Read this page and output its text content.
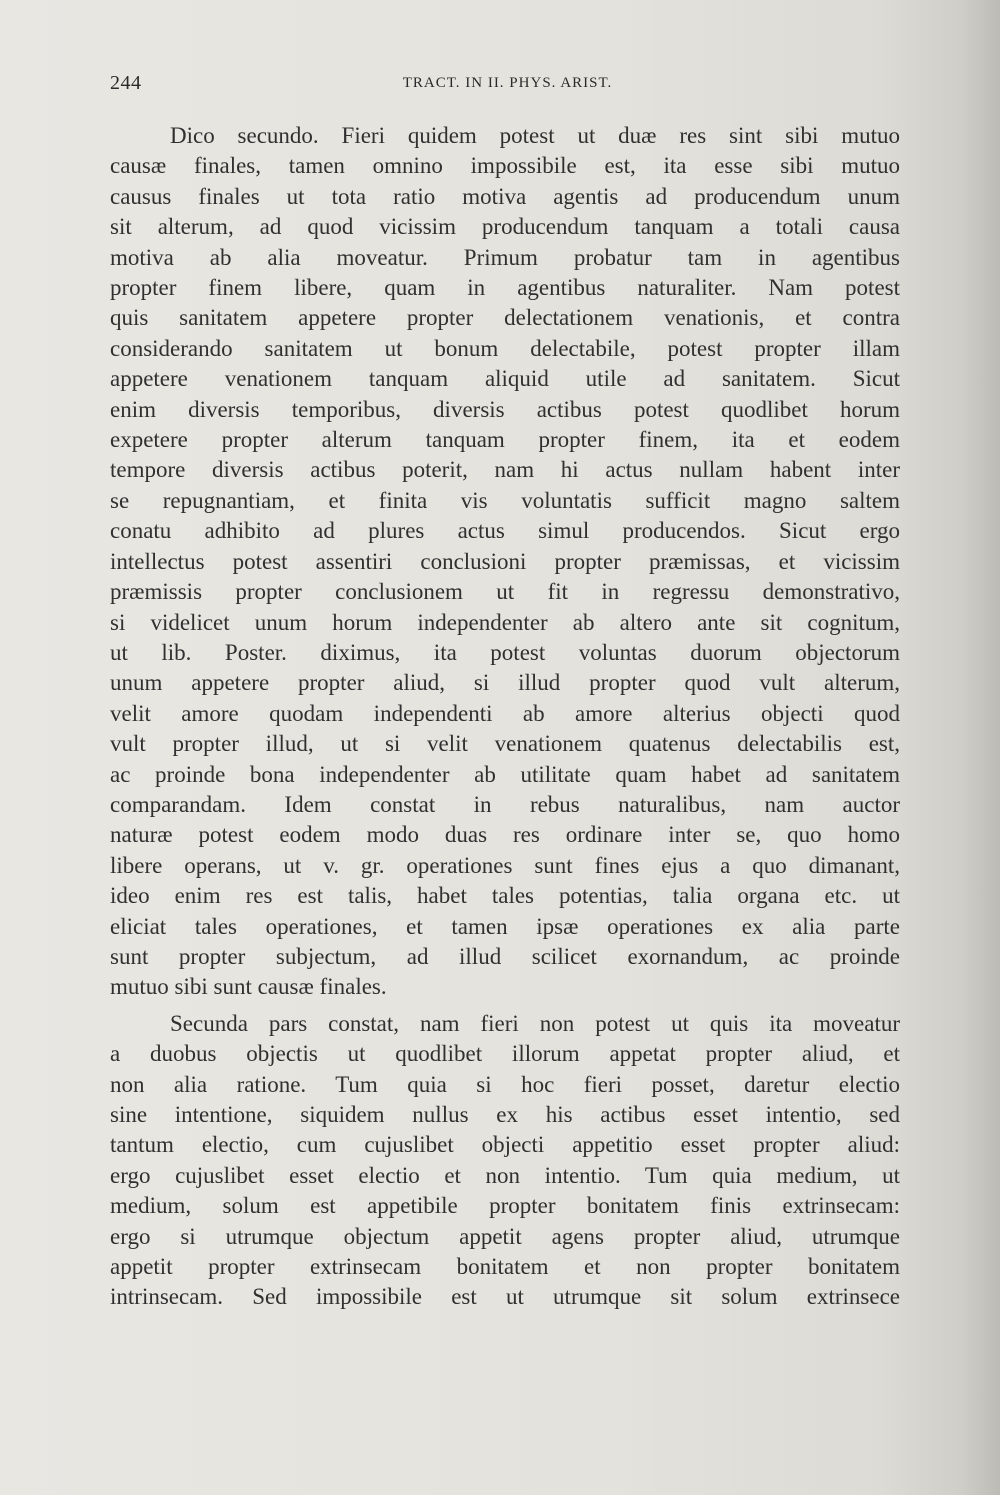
244	TRACT. IN II. PHYS. ARIST.
Dico secundo. Fieri quidem potest ut duæ res sint sibi mutuo
causæ finales, tamen omnino impossibile est, ita esse sibi mutuo
causus finales ut tota ratio motiva agentis ad producendum unum
sit alterum, ad quod vicissim producendum tanquam a totali causa
motiva ab alia moveatur. Primum probatur tam in agentibus
propter finem libere, quam in agentibus naturaliter. Nam potest
quis sanitatem appetere propter delectationem venationis, et contra
considerando sanitatem ut bonum delectabile, potest propter illam
appetere venationem tanquam aliquid utile ad sanitatem. Sicut
enim diversis temporibus, diversis actibus potest quodlibet horum
expetere propter alterum tanquam propter finem, ita et eodem
tempore diversis actibus poterit, nam hi actus nullam habent inter
se repugnantiam, et finita vis voluntatis sufficit magno saltem
conatu adhibito ad plures actus simul producendos. Sicut ergo
intellectus potest assentiri conclusioni propter præmissas, et vicissim
præmissis propter conclusionem ut fit in regressu demonstrativo,
si videlicet unum horum independenter ab altero ante sit cognitum,
ut lib. Poster. diximus, ita potest voluntas duorum objectorum
unum appetere propter aliud, si illud propter quod vult alterum,
velit amore quodam independenti ab amore alterius objecti quod
vult propter illud, ut si velit venationem quatenus delectabilis est,
ac proinde bona independenter ab utilitate quam habet ad sanitatem
comparandam. Idem constat in rebus naturalibus, nam auctor
naturæ potest eodem modo duas res ordinare inter se, quo homo
libere operans, ut v. gr. operationes sunt fines ejus a quo dimanant,
ideo enim res est talis, habet tales potentias, talia organa etc. ut
eliciat tales operationes, et tamen ipsæ operationes ex alia parte
sunt propter subjectum, ad illud scilicet exornandum, ac proinde
mutuo sibi sunt causæ finales.
Secunda pars constat, nam fieri non potest ut quis ita moveatur
a duobus objectis ut quodlibet illorum appetat propter aliud, et
non alia ratione. Tum quia si hoc fieri posset, daretur electio
sine intentione, siquidem nullus ex his actibus esset intentio, sed
tantum electio, cum cujuslibet objecti appetitio esset propter aliud:
ergo cujuslibet esset electio et non intentio. Tum quia medium, ut
medium, solum est appetibile propter bonitatem finis extrinsecam:
ergo si utrumque objectum appetit agens propter aliud, utrumque
appetit propter extrinsecam bonitatem et non propter bonitatem
intrinsecam. Sed impossibile est ut utrumque sit solum extrinsece
